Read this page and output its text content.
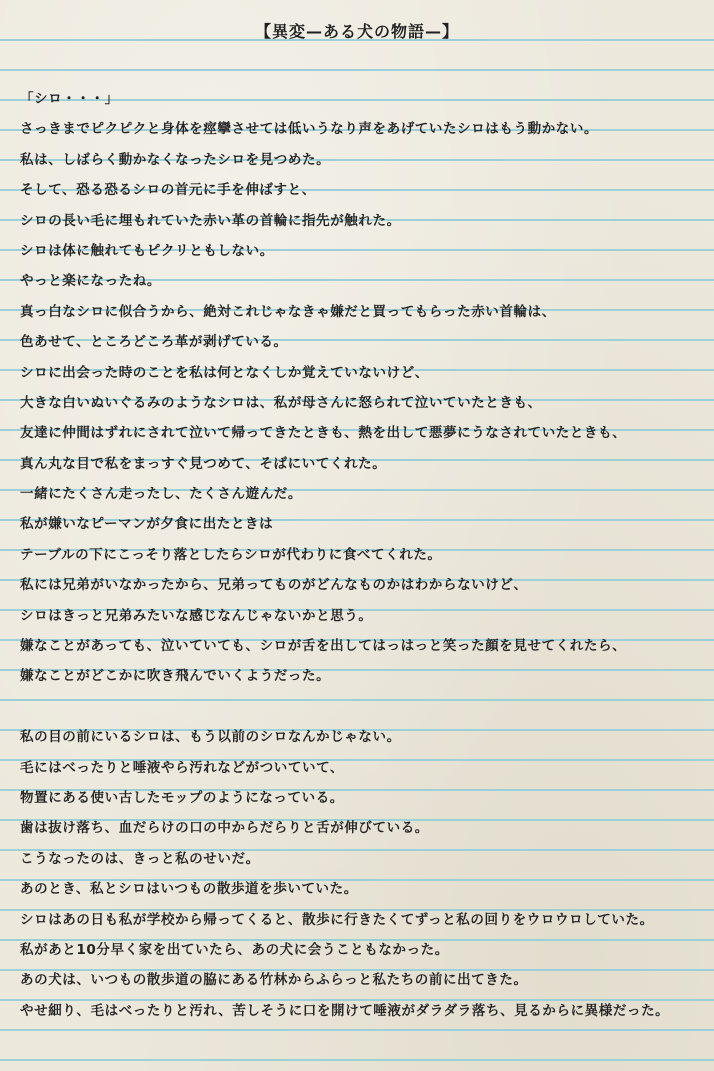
【異変—ある犬の物語—】
「シロ・・・」
さっきまでピクピクと身体を痙攣させては低いうなり声をあげていたシロはもう動かない。
私は、しばらく動かなくなったシロを見つめた。
そして、恐る恐るシロの首元に手を伸ばすと、
シロの長い毛に埋もれていた赤い革の首輪に指先が触れた。
シロは体に触れてもピクリともしない。
やっと楽になったね。
真っ白なシロに似合うから、絶対これじゃなきゃ嫌だと買ってもらった赤い首輪は、
色あせて、ところどころ革が剥げている。
シロに出会った時のことを私は何となくしか覚えていないけど、
大きな白いぬいぐるみのようなシロは、私が母さんに怒られて泣いていたときも、
友達に仲間はずれにされて泣いて帰ってきたときも、熱を出して悪夢にうなされていたときも、
真ん丸な目で私をまっすぐ見つめて、そばにいてくれた。
一緒にたくさん走ったし、たくさん遊んだ。
私が嫌いなピーマンが夕食に出たときは
テーブルの下にこっそり落としたらシロが代わりに食べてくれた。
私には兄弟がいなかったから、兄弟ってものがどんなものかはわからないけど、
シロはきっと兄弟みたいな感じなんじゃないかと思う。
嫌なことがあっても、泣いていても、シロが舌を出してはっはっと笑った顔を見せてくれたら、
嫌なことがどこかに吹き飛んでいくようだった。
私の目の前にいるシロは、もう以前のシロなんかじゃない。
毛にはべったりと唾液やら汚れなどがついていて、
物置にある使い古したモップのようになっている。
歯は抜け落ち、血だらけの口の中からだらりと舌が伸びている。
こうなったのは、きっと私のせいだ。
あのとき、私とシロはいつもの散歩道を歩いていた。
シロはあの日も私が学校から帰ってくると、散歩に行きたくてずっと私の回りをウロウロしていた。
私があと10分早く家を出ていたら、あの犬に会うこともなかった。
あの犬は、いつもの散歩道の脇にある竹林からふらっと私たちの前に出てきた。
やせ細り、毛はべったりと汚れ、苦しそうに口を開けて唾液がダラダラ落ち、見るからに異様だった。
